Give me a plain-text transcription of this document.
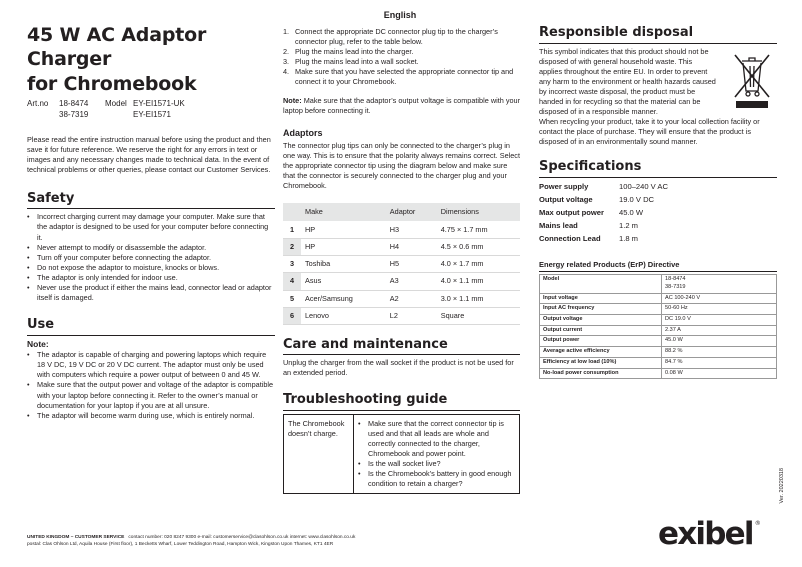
English
45 W AC Adaptor Charger
for Chromebook
Art.no	18-8474	Model EY-EI1571-UK
38-7319	EY-EI1571

Please read the entire instruction manual before using the product and then save it for future reference. We reserve the right for any errors in text or images and any necessary changes made to technical data. In the event of technical problems or other queries, please contact our Customer Services.

Safety
• Incorrect charging current may damage your computer. Make sure that the adaptor is designed to be used for your computer before connecting it.
• Never attempt to modify or disassemble the adaptor.
• Turn off your computer before connecting the adaptor.
• Do not expose the adaptor to moisture, knocks or blows.
• The adaptor is only intended for indoor use.
• Never use the product if either the mains lead, connector lead or adaptor itself is damaged.
Use
Note:
• The adaptor is capable of charging and powering laptops which require 18 V DC, 19 V DC or 20 V DC current. The adaptor must only be used with computers which require a power output of between 0 and 45 W.
• Make sure that the output power and voltage of the adaptor is compatible with your laptop before connecting it. Refer to the owner’s manual or documentation for your laptop if you are at all unsure.
• The adaptor will become warm during use, which is entirely normal.
1. Connect the appropriate DC connector plug tip to the charger’s connector plug, refer to the table below.
2. Plug the mains lead into the charger.
3. Plug the mains lead into a wall socket.
4. Make sure that you have selected the appropriate connector tip and connect it to your Chromebook.

Note: Make sure that the adaptor’s output voltage is compatible with your laptop before connecting it.

Adaptors

The connector plug tips can only be connected to the charger’s plug in one way. This is to ensure that the polarity always remains correct. Select the appropriate connector tip using the diagram below and make sure that the connector is securely connected to the charger plug and your Chromebook.

	Make	Adaptor	Dimensions
1	HP	H3	4.75 × 1.7 mm
2	HP	H4	4.5 × 0.6 mm
3	Toshiba	H5	4.0 × 1.7 mm
4	Asus	A3	4.0 × 1.1 mm
5	Acer/Samsung	A2	3.0 × 1.1 mm
6	Lenovo	L2	Square
Care and maintenance

Unplug the charger from the wall socket if the product is not be used for an extended period.

Troubleshooting guide
The Chromebook doesn’t charge.	
• Make sure that the correct connector tip is used and that all leads are whole and correctly connected to the charger, Chromebook and power point.
• Is the wall socket live?
• Is the Chromebook’s battery in good enough condition to retain a charger?
Responsible disposal

This symbol indicates that this product should not be disposed of with general household waste. This applies throughout the entire EU. In order to prevent any harm to the environment or health hazards caused by incorrect waste disposal, the product must be handed in for recycling so that the material can be disposed of in a responsible manner.

When recycling your product, take it to your local collection facility or contact the place of purchase. They will ensure that the product is disposed of in an environmentally sound manner.

Specifications
Power supply	100–240 V AC
Output voltage	19.0 V DC
Max output power	45.0 W
Mains lead	1.2 m
Connection Lead	1.8 m
Energy related Products (ErP) Directive
Model	18-8474
38-7319
Input voltage	AC 100-240 V
Input AC frequency	50-60 Hz
Output voltage	DC 19.0 V
Output current	2.37 A
Output power	45.0 W
Average active efficiency	88.2 %
Efficiency at low load (10%)	84.7 %
No-load power consumption	0.08 W
UNITED KINGDOM – CUSTOMER SERVICE contact number: 020 8247 9300 e-mail: customerservice@clasohlson.co.uk internet: www.clasohlson.co.uk
postal: Clas Ohlson Ltd, Aquila House (First floor), 1 Becketts Wharf, Lower Teddington Road, Hampton Wick, Kingston Upon Thames, KT1 4ER
Ver. 20220318
exibel ®
